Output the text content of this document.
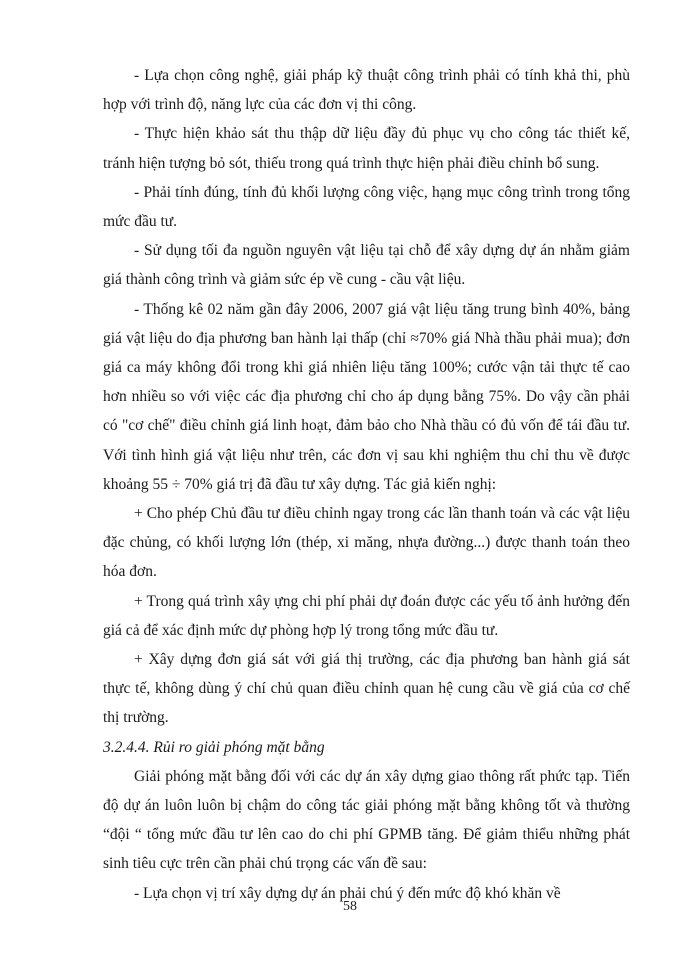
- Lựa chọn công nghệ, giải pháp kỹ thuật công trình phải có tính khả thi, phù hợp với trình độ, năng lực của các đơn vị thi công.

- Thực hiện khảo sát thu thập dữ liệu đầy đủ phục vụ cho công tác thiết kế, tránh hiện tượng bỏ sót, thiếu trong quá trình thực hiện phải điều chỉnh bổ sung.

- Phải tính đúng, tính đủ khối lượng công việc, hạng mục công trình trong tổng mức đầu tư.

- Sử dụng tối đa nguồn nguyên vật liệu tại chỗ để xây dựng dự án nhằm giảm giá thành công trình và giảm sức ép về cung - cầu vật liệu.

- Thống kê 02 năm gần đây 2006, 2007 giá vật liệu tăng trung bình 40%, bảng giá vật liệu do địa phương ban hành lại thấp (chỉ ≈70% giá Nhà thầu phải mua); đơn giá ca máy không đổi trong khi giá nhiên liệu tăng 100%; cước vận tải thực tế cao hơn nhiều so với việc các địa phương chỉ cho áp dụng bằng 75%. Do vậy cần phải có "cơ chế" điều chỉnh giá linh hoạt, đảm bảo cho Nhà thầu có đủ vốn để tái đầu tư. Với tình hình giá vật liệu như trên, các đơn vị sau khi nghiệm thu chỉ thu về được khoảng 55 ÷ 70% giá trị đã đầu tư xây dựng. Tác giả kiến nghị:

+ Cho phép Chủ đầu tư điều chỉnh ngay trong các lần thanh toán và các vật liệu đặc chủng, có khối lượng lớn (thép, xi măng, nhựa đường...) được thanh toán theo hóa đơn.

+ Trong quá trình xây ựng chi phí phải dự đoán được các yếu tố ảnh hưởng đến giá cả để xác định mức dự phòng hợp lý trong tổng mức đầu tư.

+ Xây dựng đơn giá sát với giá thị trường, các địa phương ban hành giá sát thực tế, không dùng ý chí chủ quan điều chỉnh quan hệ cung cầu về giá của cơ chế thị trường.

3.2.4.4. Rủi ro giải phóng mặt bằng

Giải phóng mặt bằng đối với các dự án xây dựng giao thông rất phức tạp. Tiến độ dự án luôn luôn bị chậm do công tác giải phóng mặt bằng không tốt và thường “đội “ tổng mức đầu tư lên cao do chi phí GPMB tăng. Để giảm thiểu những phát sinh tiêu cực trên cần phải chú trọng các vấn đề sau:

- Lựa chọn vị trí xây dựng dự án phải chú ý đến mức độ khó khăn về

58
